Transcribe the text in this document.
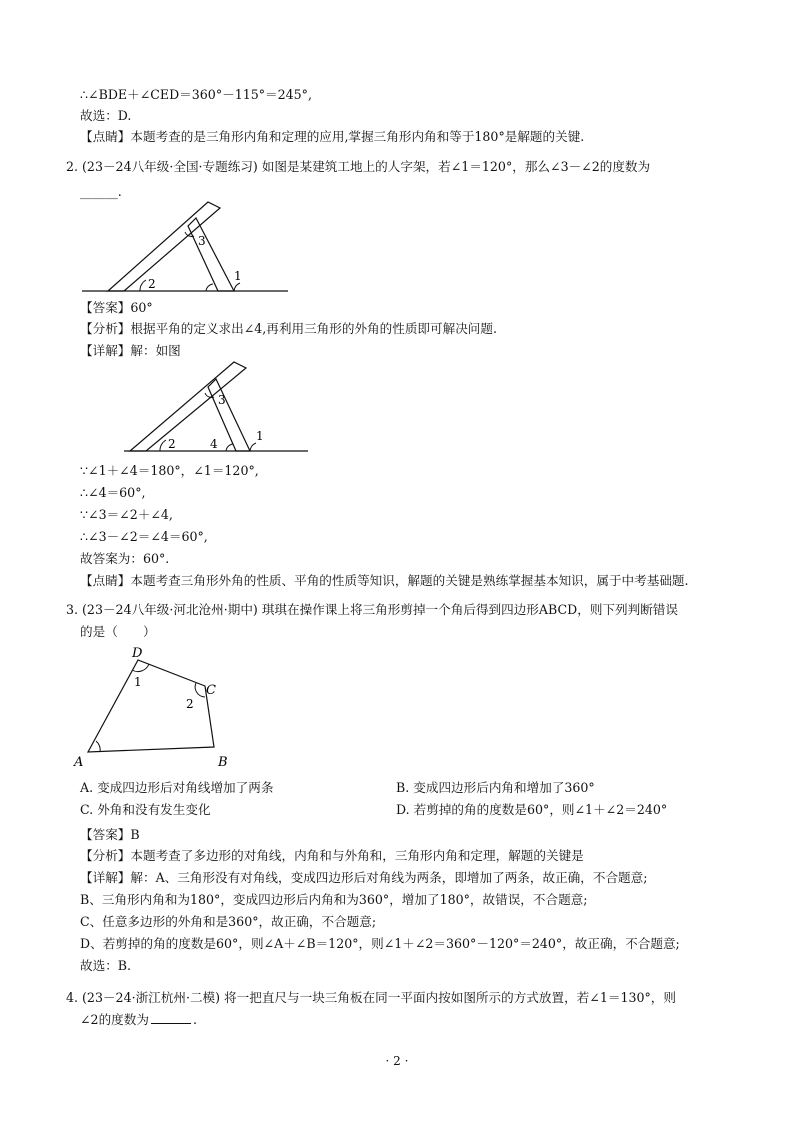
∴∠BDE＋∠CED＝360°－115°＝245°,
故选：D.
【点睛】本题考查的是三角形内角和定理的应用,掌握三角形内角和等于180°是解题的关键.
2. (23－24八年级·全国·专题练习) 如图是某建筑工地上的人字架，若∠1＝120°，那么∠3－∠2的度数为
______.
3
2
1
【答案】60°
【分析】根据平角的定义求出∠4,再利用三角形的外角的性质即可解决问题.
【详解】解：如图
3
2	4
1
∵∠1＋∠4＝180°，∠1＝120°,
∴∠4＝60°,
∵∠3＝∠2＋∠4,
∴∠3－∠2＝∠4＝60°,
故答案为：60°.
【点睛】本题考查三角形外角的性质、平角的性质等知识，解题的关键是熟练掌握基本知识，属于中考基础题.
3. (23－24八年级·河北沧州·期中) 琪琪在操作课上将三角形剪掉一个角后得到四边形ABCD，则下列判断错误
的是（　　）
D
C
A	B
1
2
A. 变成四边形后对角线增加了两条	B. 变成四边形后内角和增加了360°
C. 外角和没有发生变化	D. 若剪掉的角的度数是60°，则∠1＋∠2＝240°
【答案】B
【分析】本题考查了多边形的对角线，内角和与外角和，三角形内角和定理，解题的关键是
【详解】解：A、三角形没有对角线，变成四边形后对角线为两条，即增加了两条，故正确，不合题意;
B、三角形内角和为180°，变成四边形后内角和为360°，增加了180°，故错误，不合题意;
C、任意多边形的外角和是360°，故正确，不合题意;
D、若剪掉的角的度数是60°，则∠A＋∠B＝120°，则∠1＋∠2＝360°－120°＝240°，故正确，不合题意;
故选：B.
4. (23－24·浙江杭州·二模) 将一把直尺与一块三角板在同一平面内按如图所示的方式放置，若∠1＝130°，则
∠2的度数为	.
· 2 ·
